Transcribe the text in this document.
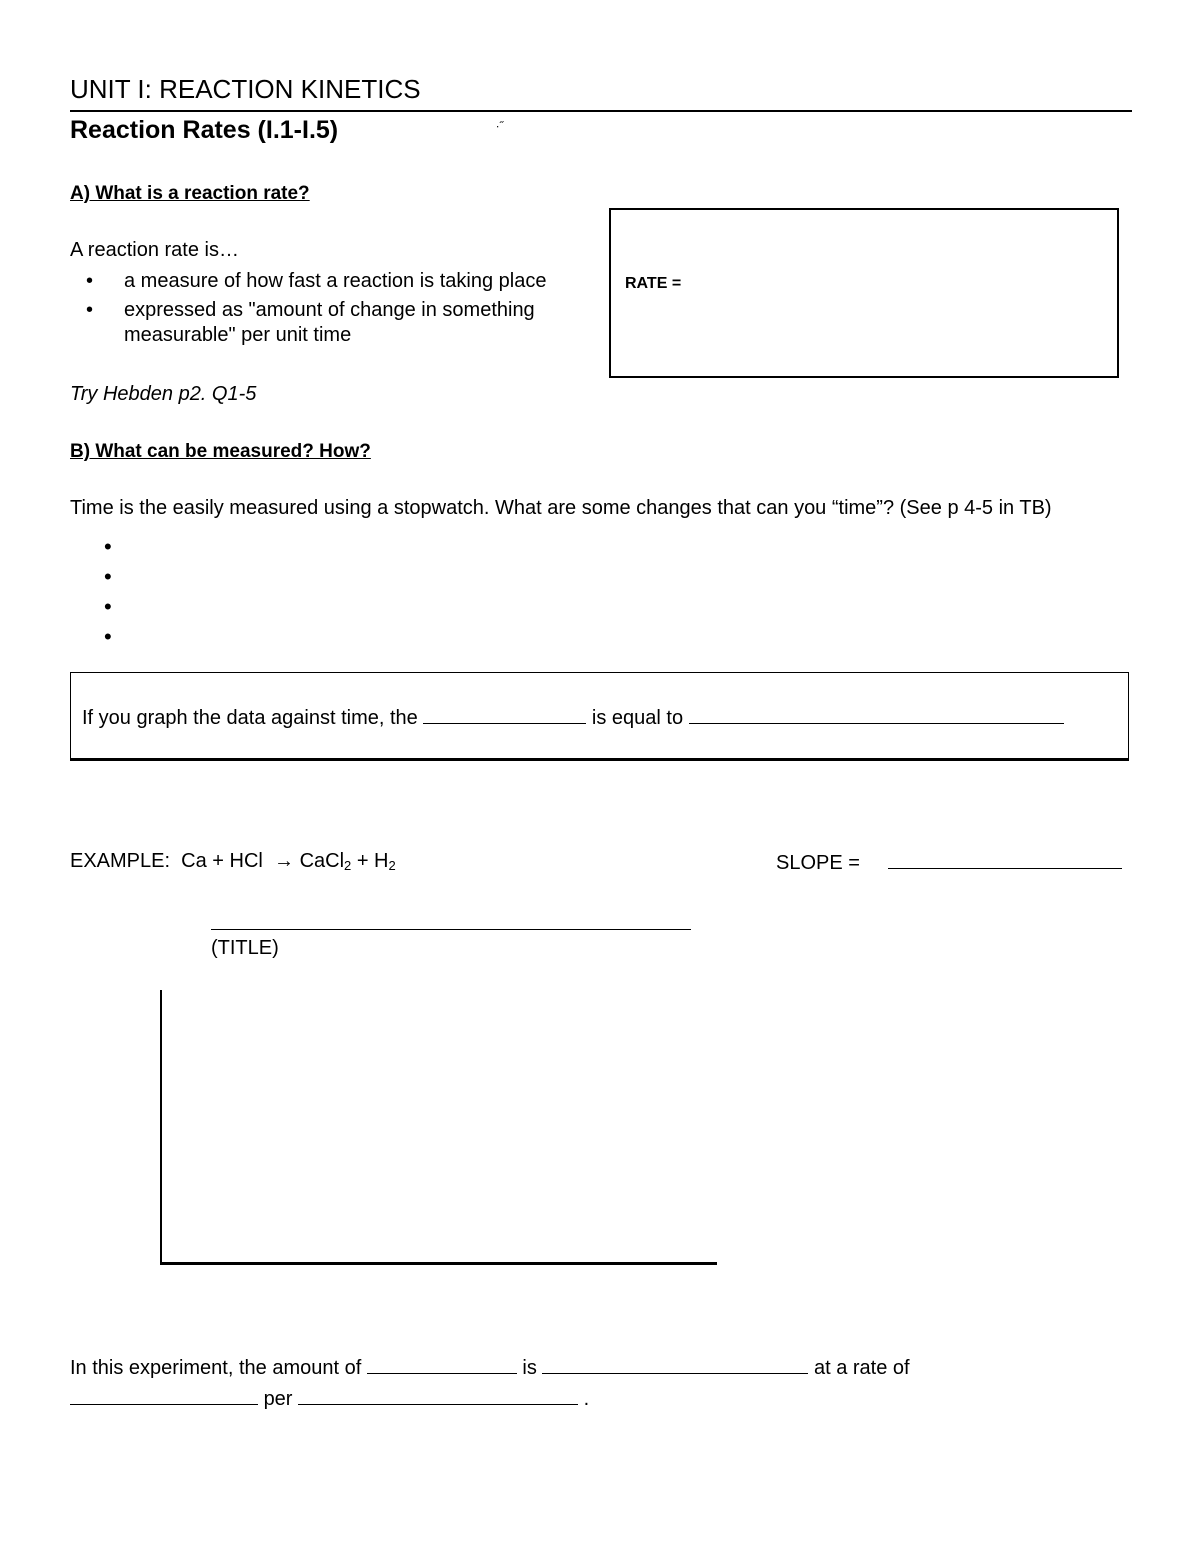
UNIT I: REACTION KINETICS
Reaction Rates (I.1-I.5)	∙˝
A) What is a reaction rate?
A reaction rate is…
• a measure of how fast a reaction is taking place
• expressed as "amount of change in something
measurable" per unit time
Try Hebden p2. Q1-5
RATE =
B) What can be measured? How?
Time is the easily measured using a stopwatch. What are some changes that can you “time”? (See p 4-5 in TB)
•
•
•
•
If you graph the data against time, the	is equal to
EXAMPLE: Ca + HCl → CaCl$_2$ + $H_2$	SLOPE =
(TITLE)
In this experiment, the amount of	is	at a rate of
per	.
